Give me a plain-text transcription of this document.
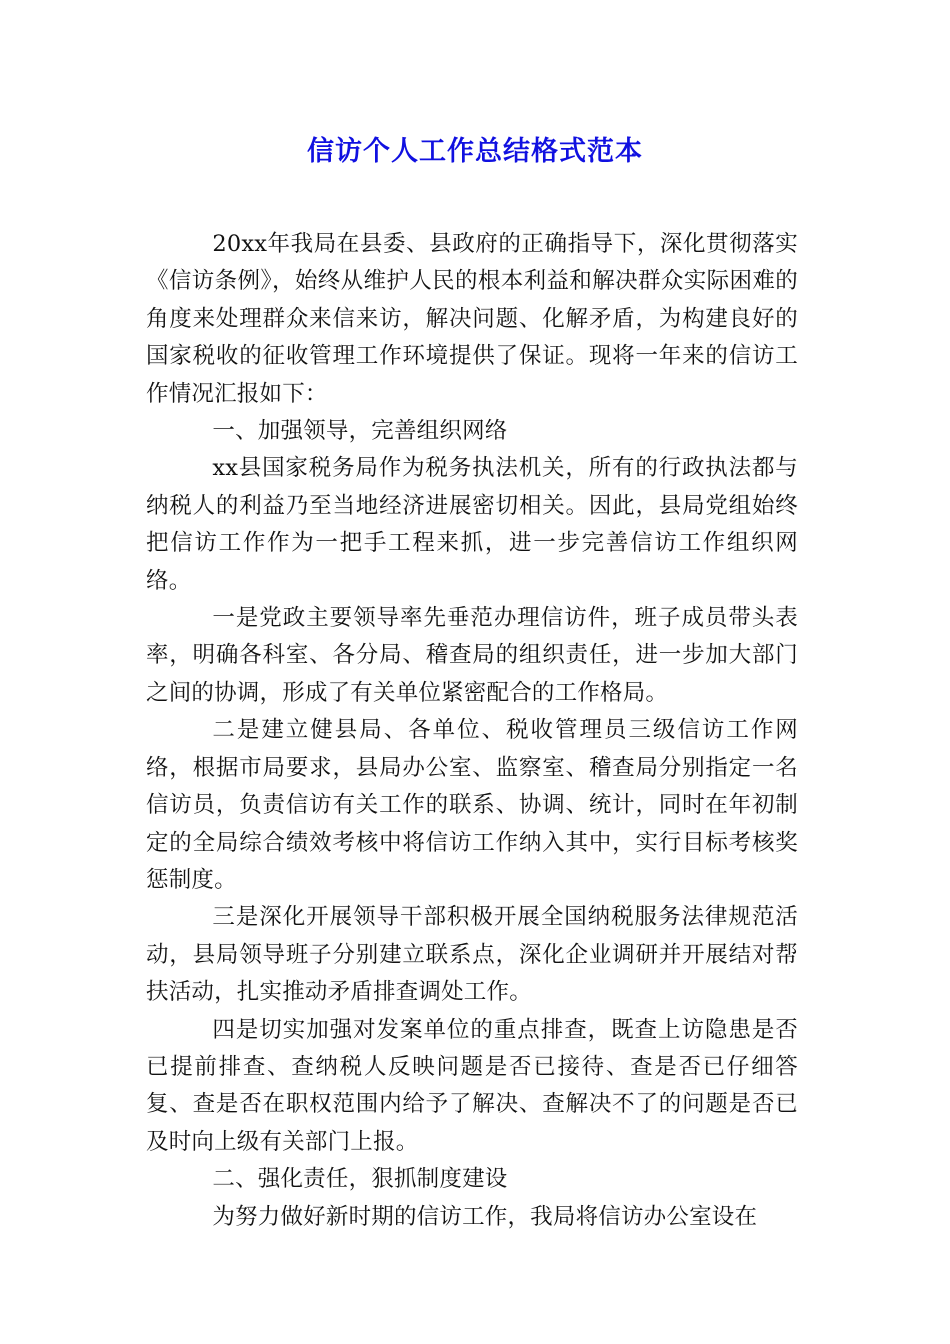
信访个人工作总结格式范本

20xx年我局在县委、县政府的正确指导下，深化贯彻落实《信访条例》，始终从维护人民的根本利益和解决群众实际困难的角度来处理群众来信来访，解决问题、化解矛盾，为构建良好的国家税收的征收管理工作环境提供了保证。现将一年来的信访工作情况汇报如下：

一、加强领导，完善组织网络

xx县国家税务局作为税务执法机关，所有的行政执法都与纳税人的利益乃至当地经济进展密切相关。因此，县局党组始终把信访工作作为一把手工程来抓，进一步完善信访工作组织网络。

一是党政主要领导率先垂范办理信访件，班子成员带头表率，明确各科室、各分局、稽查局的组织责任，进一步加大部门之间的协调，形成了有关单位紧密配合的工作格局。

二是建立健县局、各单位、税收管理员三级信访工作网络，根据市局要求，县局办公室、监察室、稽查局分别指定一名信访员，负责信访有关工作的联系、协调、统计，同时在年初制定的全局综合绩效考核中将信访工作纳入其中，实行目标考核奖惩制度。

三是深化开展领导干部积极开展全国纳税服务法律规范活动，县局领导班子分别建立联系点，深化企业调研并开展结对帮扶活动，扎实推动矛盾排查调处工作。

四是切实加强对发案单位的重点排查，既查上访隐患是否已提前排查、查纳税人反映问题是否已接待、查是否已仔细答复、查是否在职权范围内给予了解决、查解决不了的问题是否已及时向上级有关部门上报。

二、强化责任，狠抓制度建设

为努力做好新时期的信访工作，我局将信访办公室设在
